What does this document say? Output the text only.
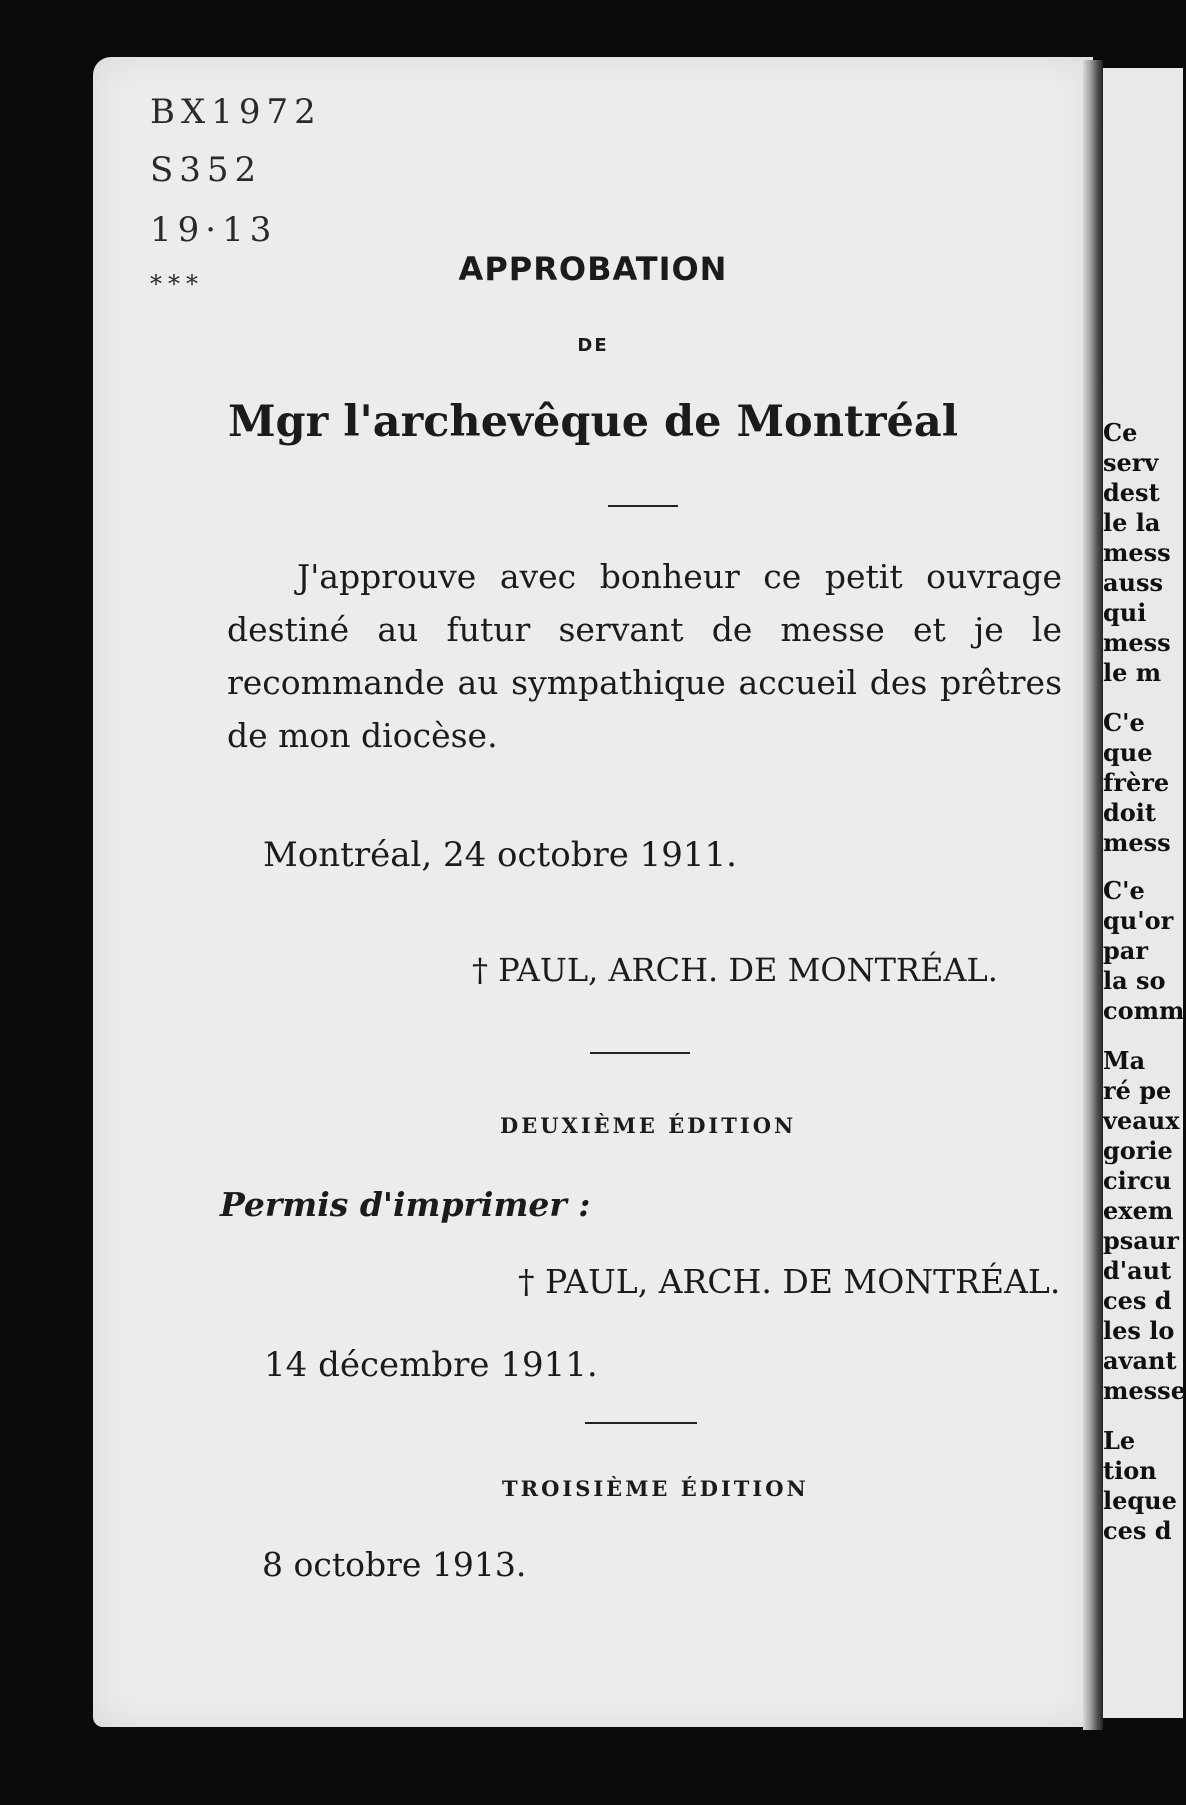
BX1972
S352
19·13
***	APPROBATION
DE
Mgr l'archevêque de Montréal
J'approuve avec bonheur ce petit ouvrage destiné au futur servant de messe et je le recommande au sympathique accueil des prêtres de mon diocèse.
Montréal, 24 octobre 1911.
† PAUL, ARCH. DE MONTRÉAL.
DEUXIÈME ÉDITION
Permis d'imprimer :
† PAUL, ARCH. DE MONTRÉAL.
14 décembre 1911.
TROISIÈME ÉDITION
8 octobre 1913.
Ce
serv
dest
le la
mess
auss
qui
mess
le m
C'e
que
frère
doit
mess
C'e
qu'or
par
la so
comm
Ma
ré pe
veaux
gorie
circu
exem
psaur
d'aut
ces d
les lo
avant
messe
Le
tion
leque
ces d
